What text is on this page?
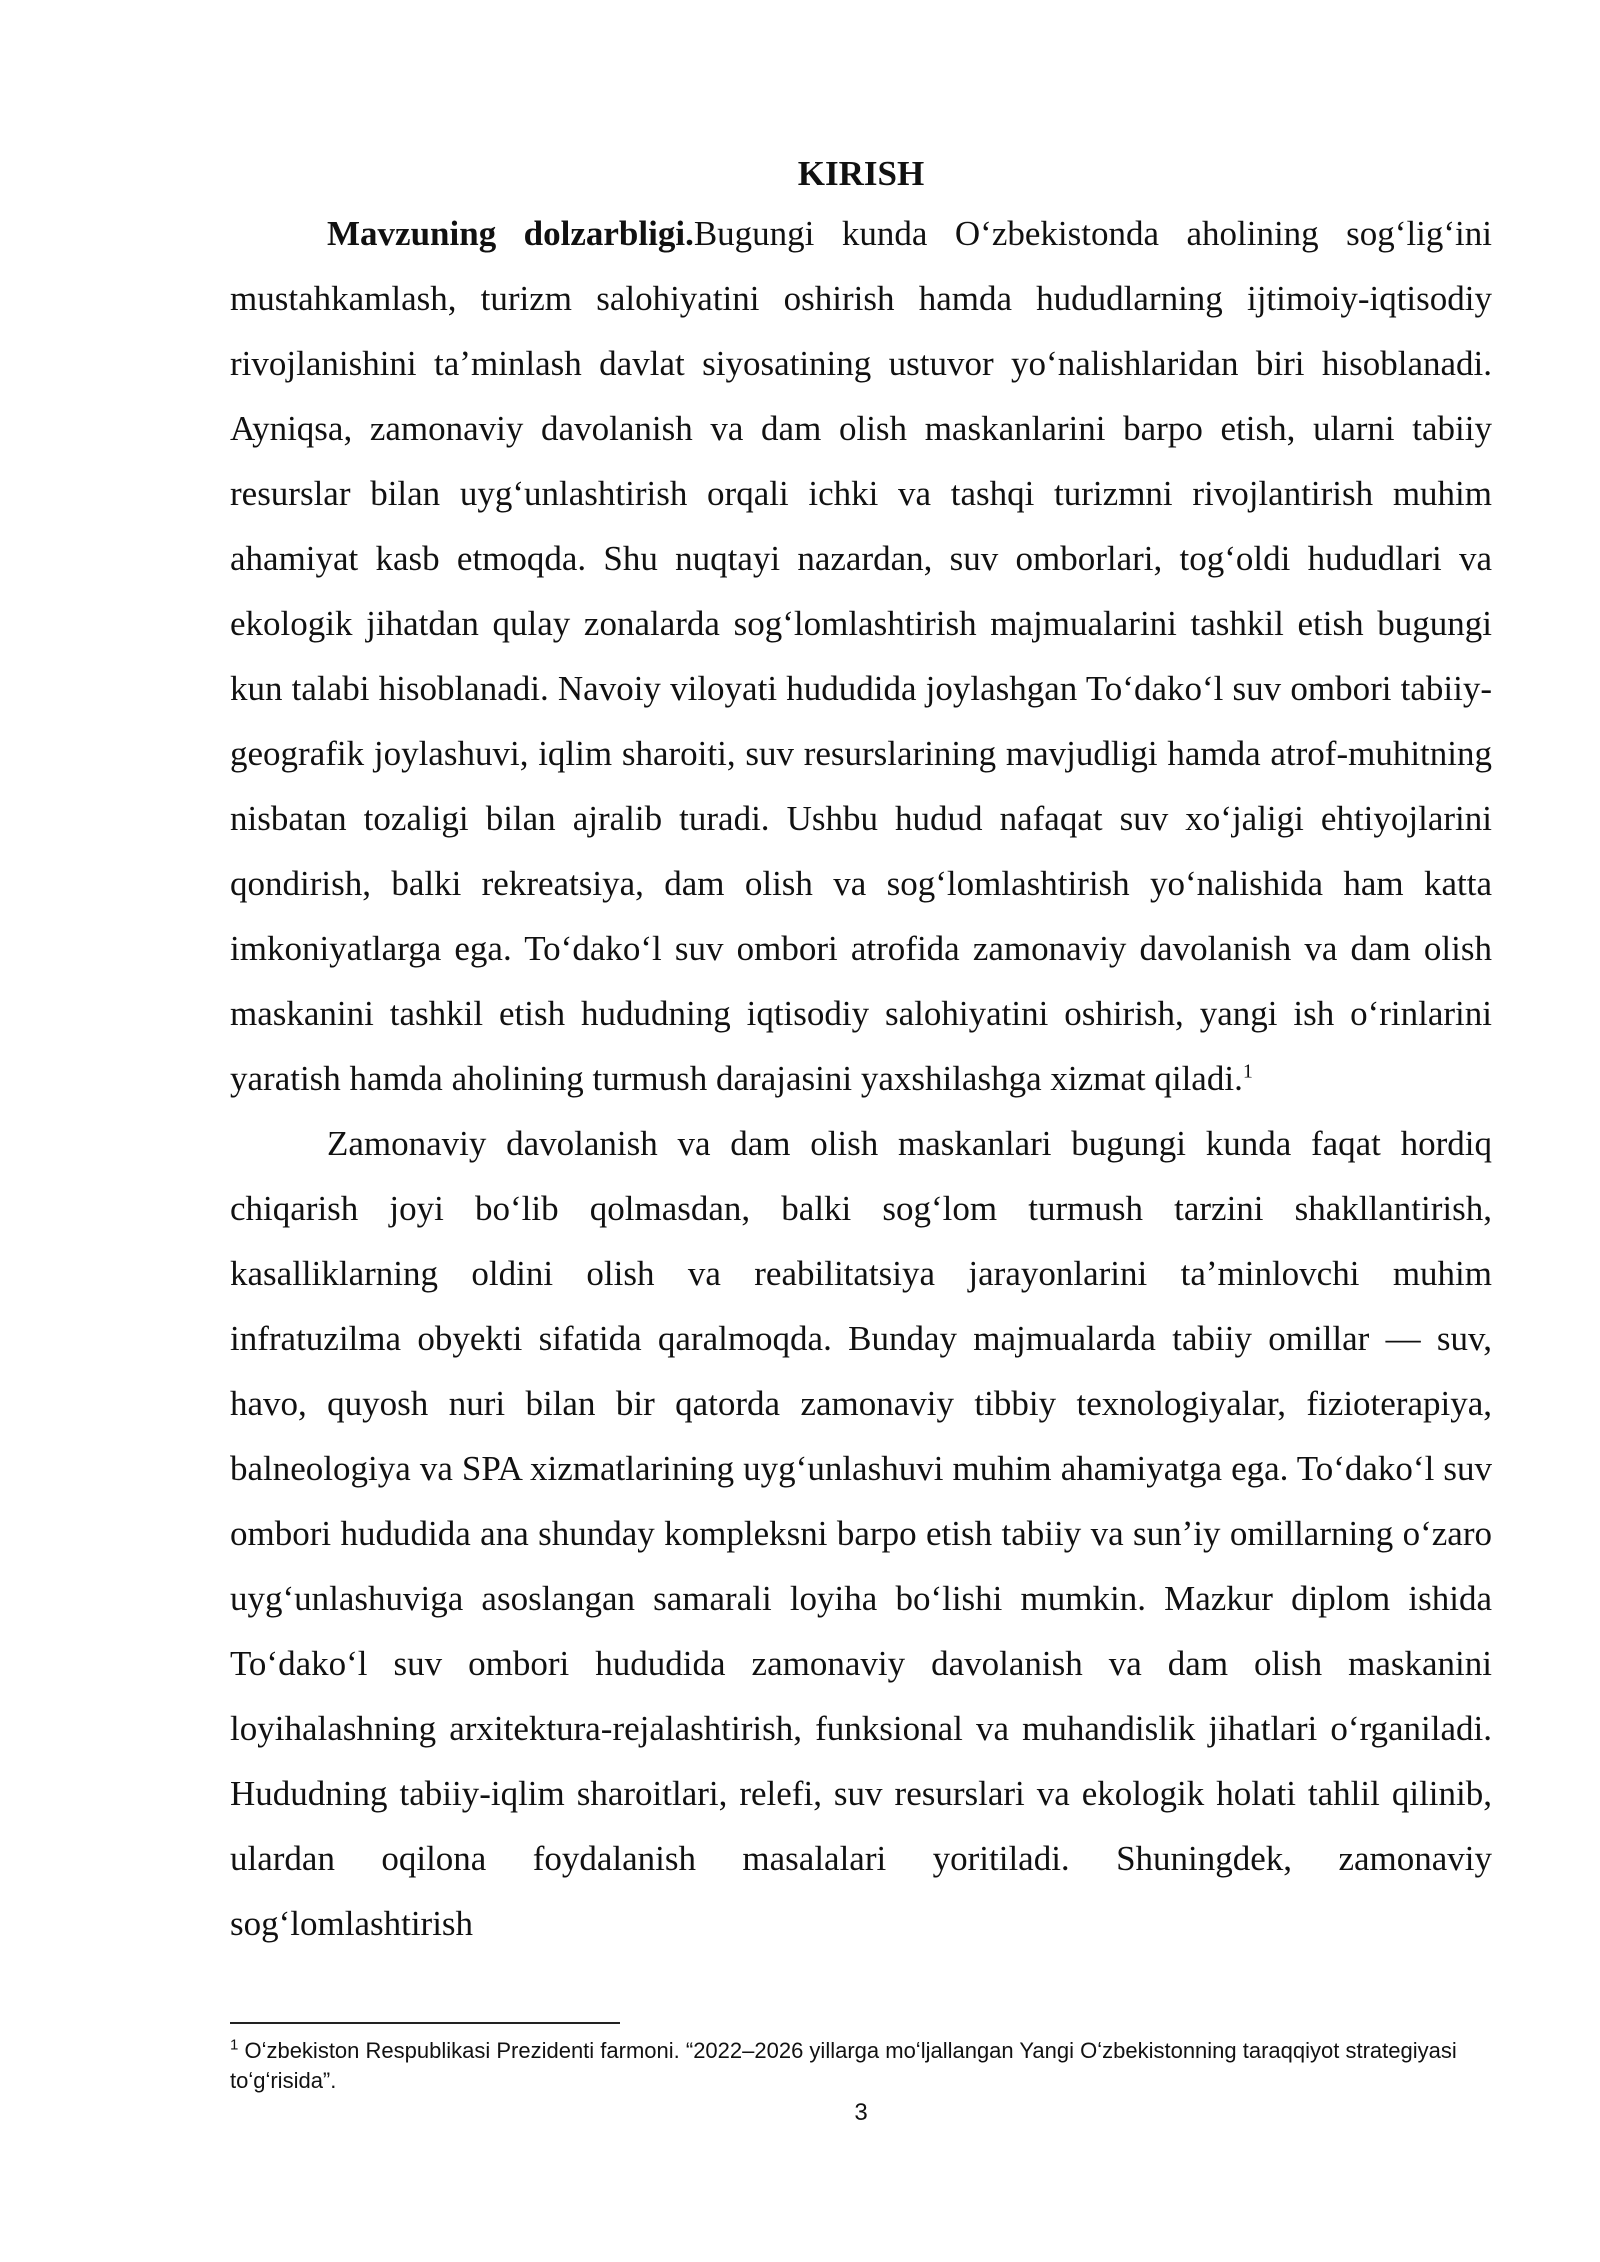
KIRISH

Mavzuning dolzarbligi.Bugungi kunda Oʻzbekistonda aholining sogʻligʻini mustahkamlash, turizm salohiyatini oshirish hamda hududlarning ijtimoiy-iqtisodiy rivojlanishini taʼminlash davlat siyosatining ustuvor yoʻnalishlaridan biri hisoblanadi. Ayniqsa, zamonaviy davolanish va dam olish maskanlarini barpo etish, ularni tabiiy resurslar bilan uygʻunlashtirish orqali ichki va tashqi turizmni rivojlantirish muhim ahamiyat kasb etmoqda. Shu nuqtayi nazardan, suv omborlari, togʻoldi hududlari va ekologik jihatdan qulay zonalarda sogʻlomlashtirish majmualarini tashkil etish bugungi kun talabi hisoblanadi. Navoiy viloyati hududida joylashgan Toʻdakoʻl suv ombori tabiiy-geografik joylashuvi, iqlim sharoiti, suv resurslarining mavjudligi hamda atrof-muhitning nisbatan tozaligi bilan ajralib turadi. Ushbu hudud nafaqat suv xoʻjaligi ehtiyojlarini qondirish, balki rekreatsiya, dam olish va sogʻlomlashtirish yoʻnalishida ham katta imkoniyatlarga ega. Toʻdakoʻl suv ombori atrofida zamonaviy davolanish va dam olish maskanini tashkil etish hududning iqtisodiy salohiyatini oshirish, yangi ish oʻrinlarini yaratish hamda aholining turmush darajasini yaxshilashga xizmat qiladi.$^1$

Zamonaviy davolanish va dam olish maskanlari bugungi kunda faqat hordiq chiqarish joyi boʻlib qolmasdan, balki sogʻlom turmush tarzini shakllantirish, kasalliklarning oldini olish va reabilitatsiya jarayonlarini taʼminlovchi muhim infratuzilma obyekti sifatida qaralmoqda. Bunday majmualarda tabiiy omillar — suv, havo, quyosh nuri bilan bir qatorda zamonaviy tibbiy texnologiyalar, fizioterapiya, balneologiya va SPA xizmatlarining uygʻunlashuvi muhim ahamiyatga ega. Toʻdakoʻl suv ombori hududida ana shunday kompleksni barpo etish tabiiy va sunʼiy omillarning oʻzaro uygʻunlashuviga asoslangan samarali loyiha boʻlishi mumkin. Mazkur diplom ishida Toʻdakoʻl suv ombori hududida zamonaviy davolanish va dam olish maskanini loyihalashning arxitektura-rejalashtirish, funksional va muhandislik jihatlari oʻrganiladi. Hududning tabiiy-iqlim sharoitlari, relefi, suv resurslari va ekologik holati tahlil qilinib, ulardan oqilona foydalanish masalalari yoritiladi. Shuningdek, zamonaviy sogʻlomlashtirish

$^1$ Oʻzbekiston Respublikasi Prezidenti farmoni. “2022–2026 yillarga moʻljallangan Yangi Oʻzbekistonning taraqqiyot strategiyasi toʻgʻrisida”.
3
